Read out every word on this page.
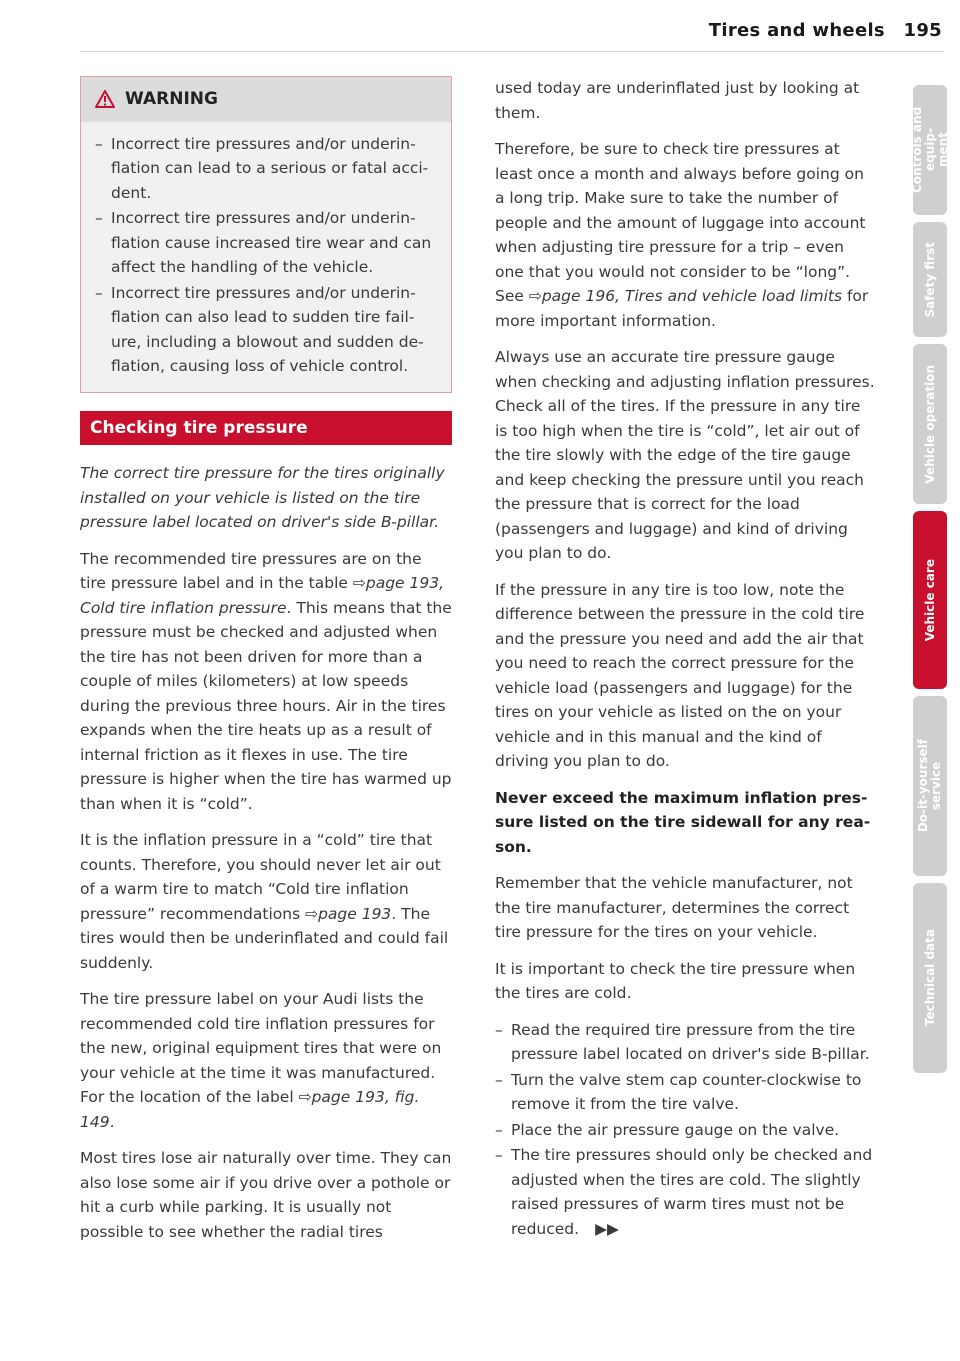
Tires and wheels 195
WARNING
– Incorrect tire pressures and/or underinflation can lead to a serious or fatal accident.
– Incorrect tire pressures and/or underinflation cause increased tire wear and can affect the handling of the vehicle.
– Incorrect tire pressures and/or underinflation can also lead to sudden tire failure, including a blowout and sudden deflation, causing loss of vehicle control.
Checking tire pressure

The correct tire pressure for the tires originally installed on your vehicle is listed on the tire pressure label located on driver's side B-pillar.

The recommended tire pressures are on the tire pressure label and in the table ⇨page 193, Cold tire inflation pressure. This means that the pressure must be checked and adjusted when the tire has not been driven for more than a couple of miles (kilometers) at low speeds during the previous three hours. Air in the tires expands when the tire heats up as a result of internal friction as it flexes in use. The tire pressure is higher when the tire has warmed up than when it is “cold”.

It is the inflation pressure in a “cold” tire that counts. Therefore, you should never let air out of a warm tire to match “Cold tire inflation pressure” recommendations ⇨page 193. The tires would then be underinflated and could fail suddenly.

The tire pressure label on your Audi lists the recommended cold tire inflation pressures for the new, original equipment tires that were on your vehicle at the time it was manufactured. For the location of the label ⇨page 193, fig. 149.

Most tires lose air naturally over time. They can also lose some air if you drive over a pothole or hit a curb while parking. It is usually not possible to see whether the radial tires

used today are underinflated just by looking at them.

Therefore, be sure to check tire pressures at least once a month and always before going on a long trip. Make sure to take the number of people and the amount of luggage into account when adjusting tire pressure for a trip – even one that you would not consider to be “long”. See ⇨page 196, Tires and vehicle load limits for more important information.

Always use an accurate tire pressure gauge when checking and adjusting inflation pressures. Check all of the tires. If the pressure in any tire is too high when the tire is “cold”, let air out of the tire slowly with the edge of the tire gauge and keep checking the pressure until you reach the pressure that is correct for the load (passengers and luggage) and kind of driving you plan to do.

If the pressure in any tire is too low, note the difference between the pressure in the cold tire and the pressure you need and add the air that you need to reach the correct pressure for the vehicle load (passengers and luggage) for the tires on your vehicle as listed on the on your vehicle and in this manual and the kind of driving you plan to do.

Never exceed the maximum inflation pressure listed on the tire sidewall for any reason.

Remember that the vehicle manufacturer, not the tire manufacturer, determines the correct tire pressure for the tires on your vehicle.

It is important to check the tire pressure when the tires are cold.

– Read the required tire pressure from the tire pressure label located on driver's side B-pillar.
– Turn the valve stem cap counter-clockwise to remove it from the tire valve.
– Place the air pressure gauge on the valve.
– The tire pressures should only be checked and adjusted when the tires are cold. The slightly raised pressures of warm tires must not be reduced. ▶▶
Controls and equip-
ment
Safety first
Vehicle operation
Vehicle care
Do-it-yourself
service
Technical data
